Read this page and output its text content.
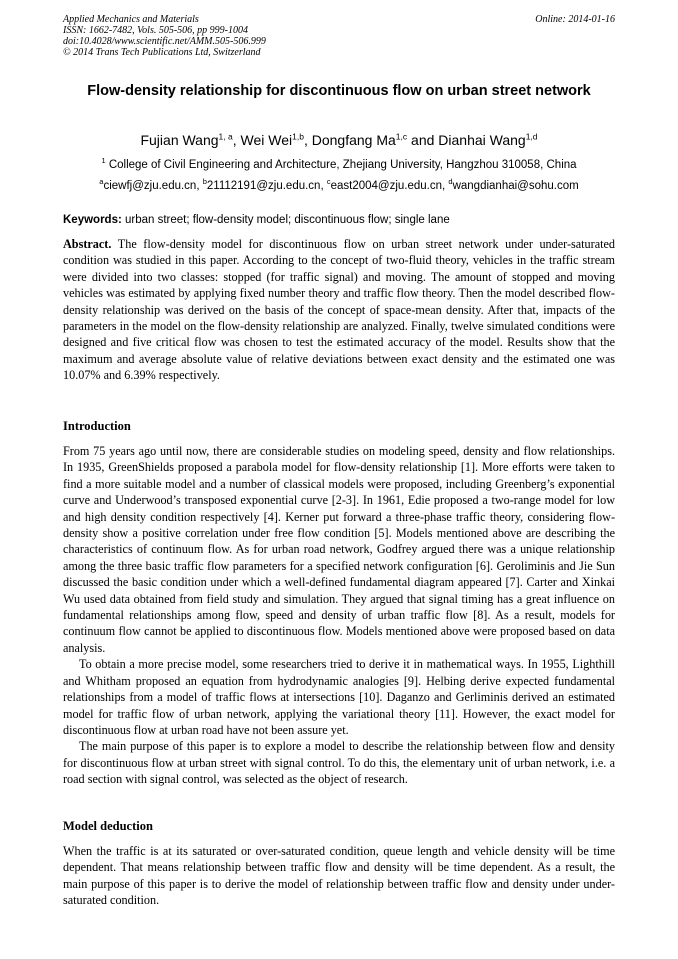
Applied Mechanics and Materials
ISSN: 1662-7482, Vols. 505-506, pp 999-1004
doi:10.4028/www.scientific.net/AMM.505-506.999
© 2014 Trans Tech Publications Ltd, Switzerland
Online: 2014-01-16
Flow-density relationship for discontinuous flow on urban street network
Fujian Wang$^{1, a}$, Wei Wei$^{1,b}$, Dongfang Ma$^{1,c}$ and Dianhai Wang$^{1,d}$
$^1$ College of Civil Engineering and Architecture, Zhejiang University, Hangzhou 310058, China
$^a$ciewfj@zju.edu.cn, $^b$21112191@zju.edu.cn, $^c$east2004@zju.edu.cn, $^d$wangdianhai@sohu.com
Keywords: urban street; flow-density model; discontinuous flow; single lane
Abstract. The flow-density model for discontinuous flow on urban street network under under-saturated condition was studied in this paper. According to the concept of two-fluid theory, vehicles in the traffic stream were divided into two classes: stopped (for traffic signal) and moving. The amount of stopped and moving vehicles was estimated by applying fixed number theory and traffic flow theory. Then the model described flow-density relationship was derived on the basis of the concept of space-mean density. After that, impacts of the parameters in the model on the flow-density relationship are analyzed. Finally, twelve simulated conditions were designed and five critical flow was chosen to test the estimated accuracy of the model. Results show that the maximum and average absolute value of relative deviations between exact density and the estimated one was 10.07% and 6.39% respectively.
Introduction
From 75 years ago until now, there are considerable studies on modeling speed, density and flow relationships. In 1935, GreenShields proposed a parabola model for flow-density relationship [1]. More efforts were taken to find a more suitable model and a number of classical models were proposed, including Greenberg’s exponential curve and Underwood’s transposed exponential curve [2-3]. In 1961, Edie proposed a two-range model for low and high density condition respectively [4]. Kerner put forward a three-phase traffic theory, considering flow-density show a positive correlation under free flow condition [5]. Models mentioned above are describing the characteristics of continuum flow. As for urban road network, Godfrey argued there was a unique relationship among the three basic traffic flow parameters for a specified network configuration [6]. Geroliminis and Jie Sun discussed the basic condition under which a well-defined fundamental diagram appeared [7]. Carter and Xinkai Wu used data obtained from field study and simulation. They argued that signal timing has a great influence on fundamental relationships among flow, speed and density of urban traffic flow [8]. As a result, models for continuum flow cannot be applied to discontinuous flow. Models mentioned above were proposed based on data analysis.
To obtain a more precise model, some researchers tried to derive it in mathematical ways. In 1955, Lighthill and Whitham proposed an equation from hydrodynamic analogies [9]. Helbing derive expected fundamental relationships from a model of traffic flows at intersections [10]. Daganzo and Gerliminis derived an estimated model for traffic flow of urban network, applying the variational theory [11]. However, the exact model for discontinuous flow at urban road have not been assure yet.
The main purpose of this paper is to explore a model to describe the relationship between flow and density for discontinuous flow at urban street with signal control. To do this, the elementary unit of urban network, i.e. a road section with signal control, was selected as the object of research.
Model deduction
When the traffic is at its saturated or over-saturated condition, queue length and vehicle density will be time dependent. That means relationship between traffic flow and density will be time dependent. As a result, the main purpose of this paper is to derive the model of relationship between traffic flow and density under under-saturated condition.
